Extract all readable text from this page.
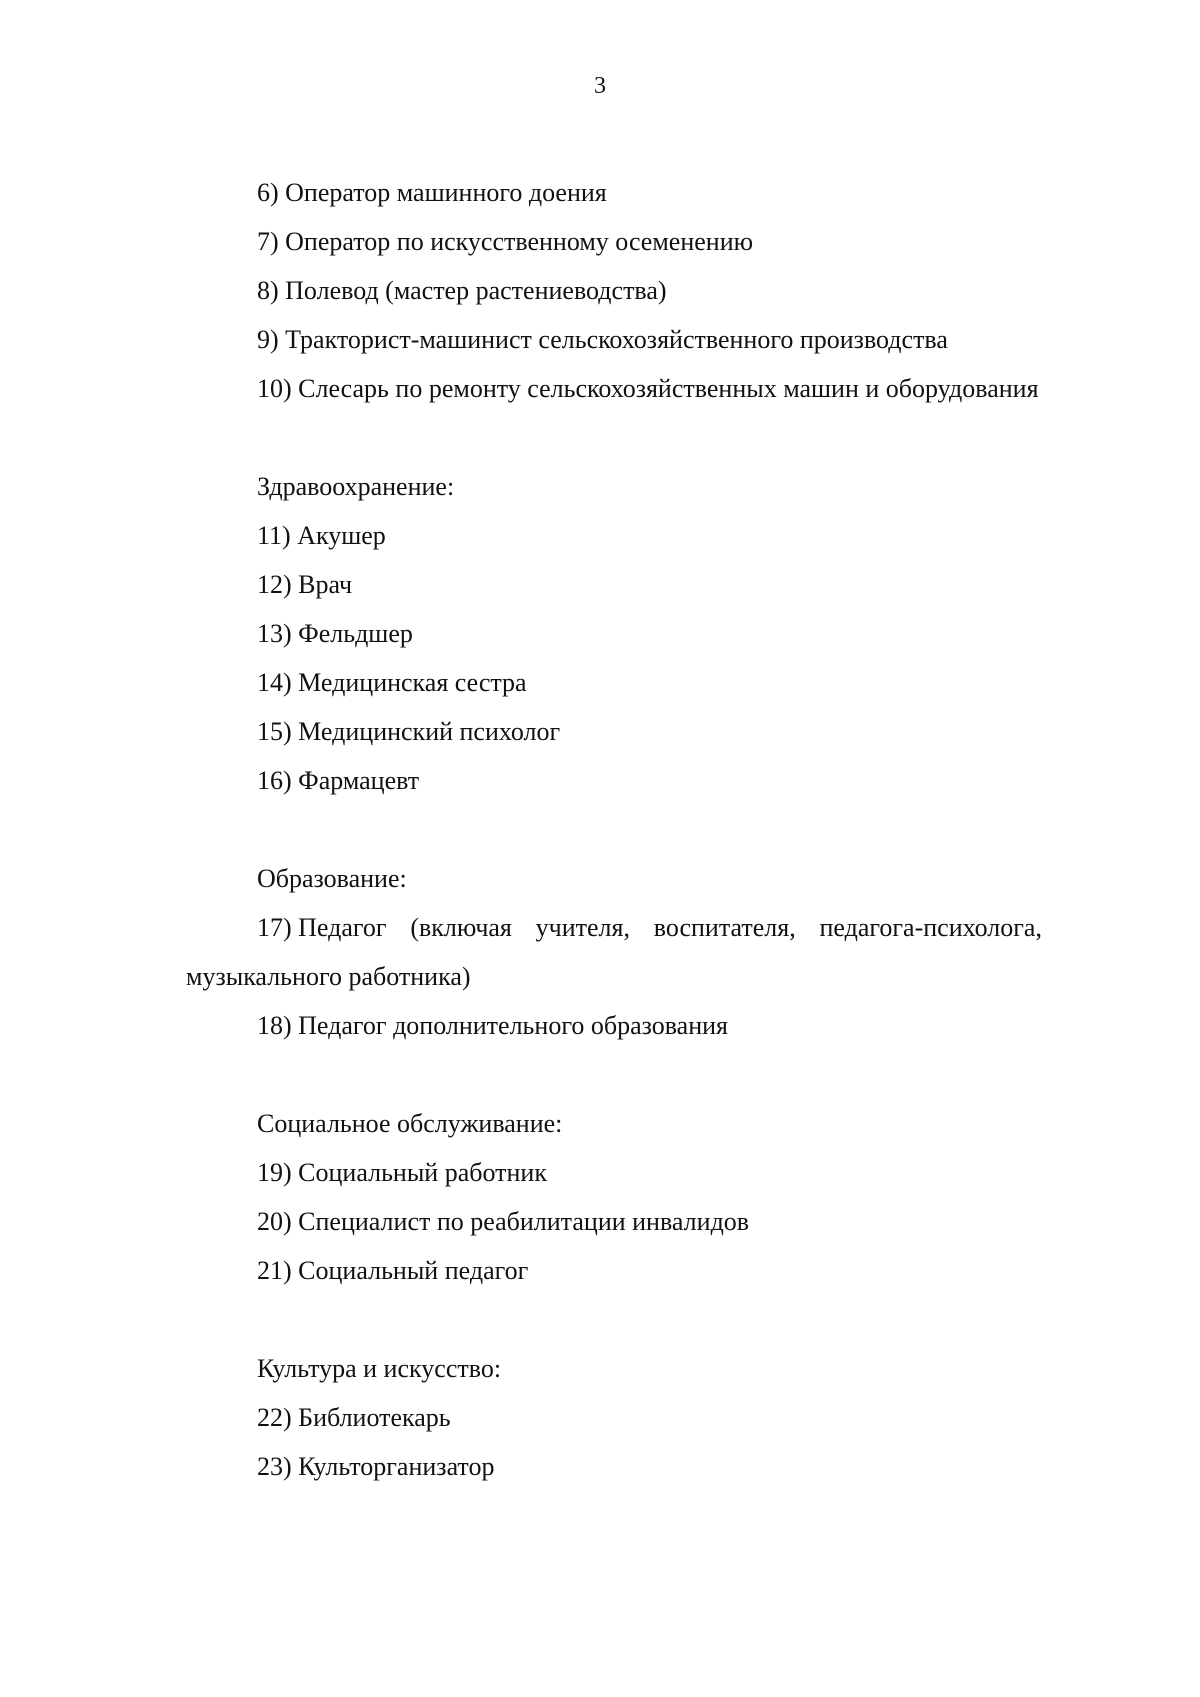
3
6) Оператор машинного доения
7) Оператор по искусственному осеменению
8) Полевод (мастер растениеводства)
9) Тракторист-машинист сельскохозяйственного производства
10) Слесарь по ремонту сельскохозяйственных машин и оборудования
Здравоохранение:
11) Акушер
12) Врач
13) Фельдшер
14) Медицинская сестра
15) Медицинский психолог
16) Фармацевт
Образование:
17) Педагог (включая учителя, воспитателя, педагога-психолога,
музыкального работника)
18) Педагог дополнительного образования
Социальное обслуживание:
19) Социальный работник
20) Специалист по реабилитации инвалидов
21) Социальный педагог
Культура и искусство:
22) Библиотекарь
23) Культорганизатор
